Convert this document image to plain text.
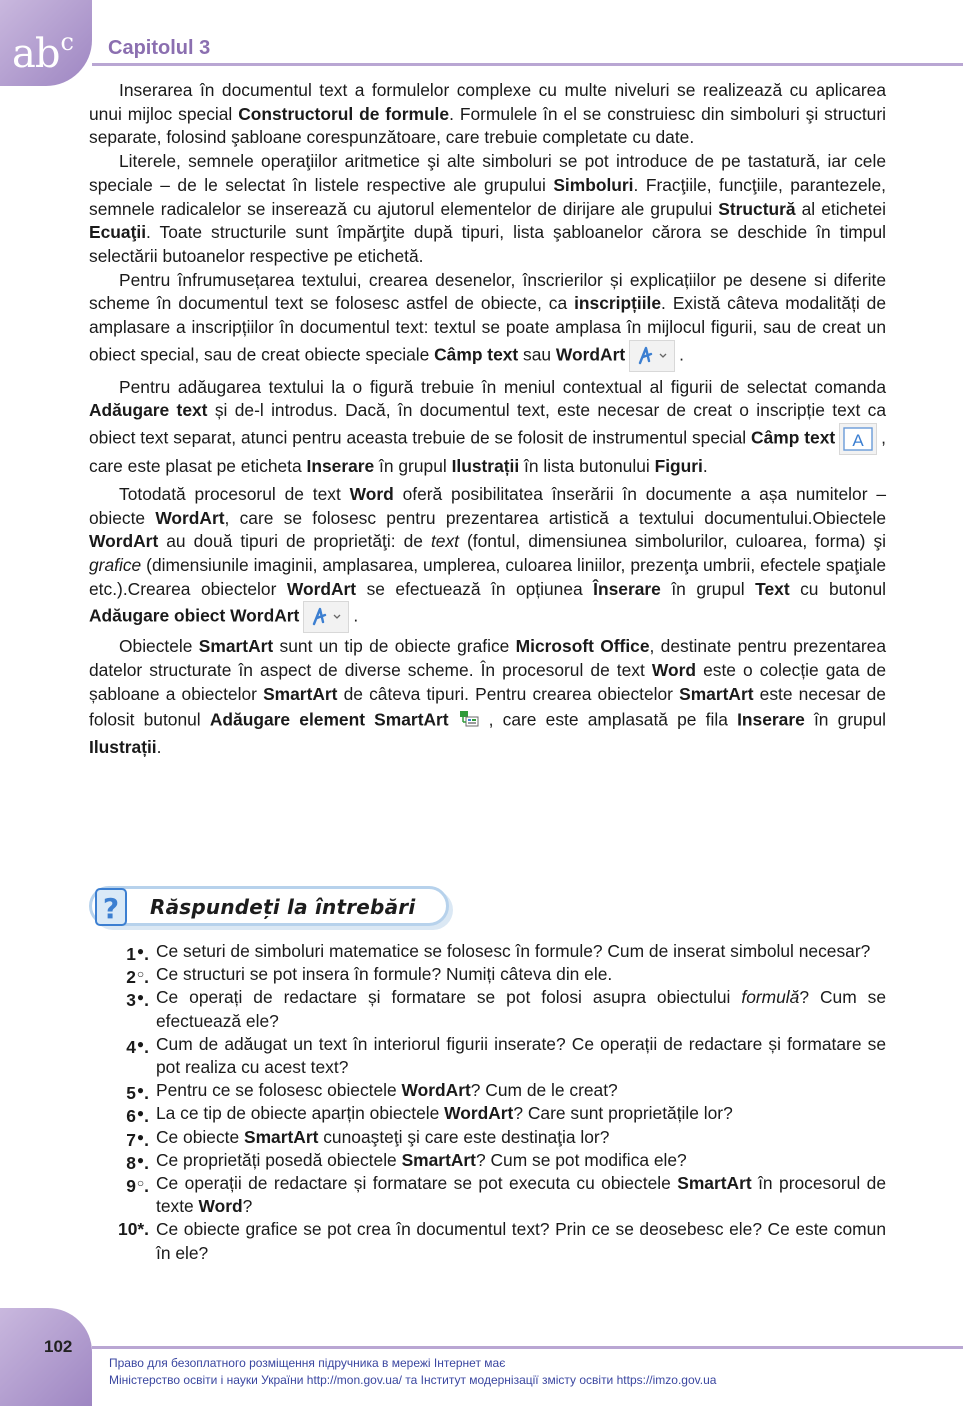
$ab^c$ Capitolul 3

Inserarea în documentul text a formulelor complexe cu multe niveluri se realizează cu aplicarea unui mijloc special Constructorul de formule. Formulele în el se construiesc din simboluri şi structuri separate, folosind şabloane corespunzătoare, care trebuie completate cu date.

Literele, semnele operaţiilor aritmetice şi alte simboluri se pot introduce de pe tastatură, iar cele speciale – de le selectat în listele respective ale grupului Simboluri. Fracţiile, funcţiile, parantezele, semnele radicalelor se inserează cu ajutorul elementelor de dirijare ale grupului Structură al etichetei Ecuaţii. Toate structurile sunt împărţite după tipuri, lista şabloanelor cărora se deschide în timpul selectării butoanelor respective pe etichetă.

Pentru înfrumusețarea textului, crearea desenelor, înscrierilor și explicațiilor pe desene si diferite scheme în documentul text se folosesc astfel de obiecte, ca inscripțiile. Există câteva modalități de amplasare a inscripțiilor în documentul text: textul se poate amplasa în mijlocul figurii, sau de creat un obiect special, sau de creat obiecte speciale Câmp text sau WordArt	.

Pentru adăugarea textului la o figură trebuie în meniul contextual al figurii de selectat comanda Adăugare text și de-l introdus. Dacă, în documentul text, este necesar de creat o inscripție text ca obiect text separat, atunci pentru aceasta trebuie de se folosit de instrumentul special Câmp text A , care este plasat pe eticheta Inserare în grupul Ilustrații în lista butonului Figuri.

Totodată procesorul de text Word oferă posibilitatea înserării în documente a așa numitelor – obiecte WordArt, care se folosesc pentru prezentarea artistică a textului documentului.Obiectele WordArt au două tipuri de proprietăţi: de text (fontul, dimensiunea simbolurilor, culoarea, forma) şi grafice (dimensiunile imaginii, amplasarea, umplerea, culoarea liniilor, prezenţa umbrii, efectele spaţiale etc.).Crearea obiectelor WordArt se efectuează în opțiunea Înserare în grupul Text cu butonul Adăugare obiect WordArt	.

Obiectele SmartArt sunt un tip de obiecte grafice Microsoft Office, destinate pentru prezentarea datelor structurate în aspect de diverse scheme. În procesorul de text Word este o colecție gata de șabloane a obiectelor SmartArt de câteva tipuri. Pentru crearea obiectelor SmartArt este necesar de folosit butonul Adăugare element SmartArt , care este amplasată pe fila Inserare în grupul Ilustrații.

? Răspundeți la întrebări
1●. Ce seturi de simboluri matematice se folosesc în formule? Cum de inserat simbolul necesar?
2○. Ce structuri se pot insera în formule? Numiți câteva din ele.
3●. Ce operați de redactare și formatare se pot folosi asupra obiectului formulă? Cum se efectuează ele?
4●. Cum de adăugat un text în interiorul figurii inserate? Ce operații de redactare și formatare se pot realiza cu acest text?
5●. Pentru ce se folosesc obiectele WordArt? Cum de le creat?
6●. La ce tip de obiecte aparțin obiectele WordArt? Care sunt proprietățile lor?
7●. Ce obiecte SmartArt cunoaşteţi şi care este destinaţia lor?
8●. Ce proprietăți posedă obiectele SmartArt? Cum se pot modifica ele?
9○. Ce operații de redactare și formatare se pot executa cu obiectele SmartArt în procesorul de texte Word?
10*. Ce obiecte grafice se pot crea în documentul text? Prin ce se deosebesc ele? Ce este comun în ele?
102
Право для безоплатного розміщення підручника в мережі Інтернет має
Міністерство освіти і науки України http://mon.gov.ua/ та Інститут модернізації змісту освіти https://imzo.gov.ua
